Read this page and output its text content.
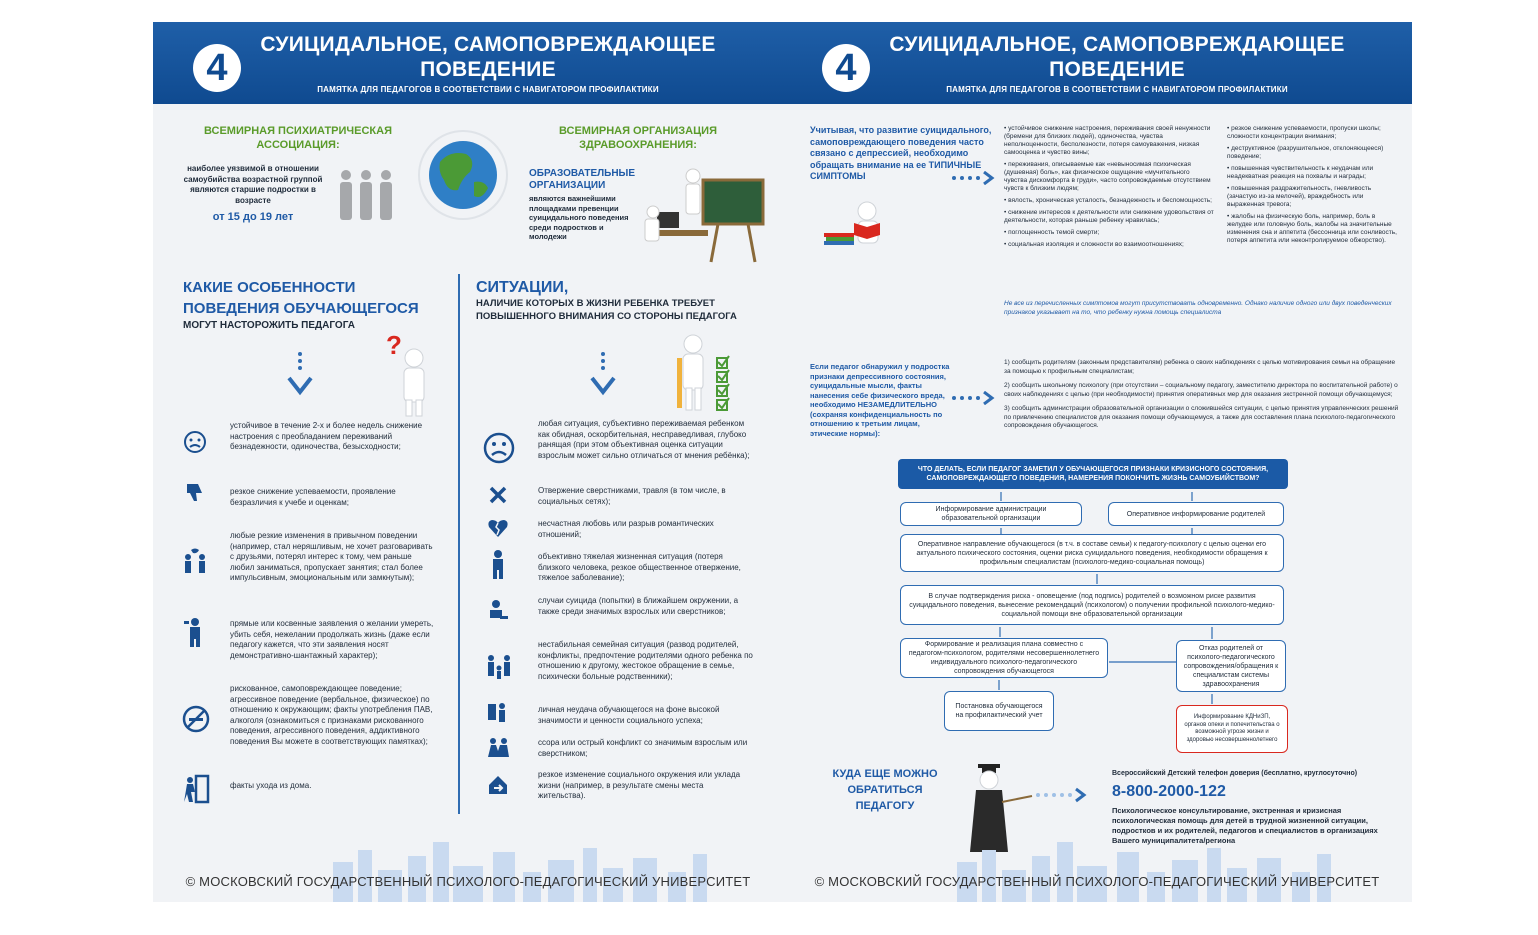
4
СУИЦИДАЛЬНОЕ, САМОПОВРЕЖДАЮЩЕЕ ПОВЕДЕНИЕ
ПАМЯТКА ДЛЯ ПЕДАГОГОВ В СООТВЕТСТВИИ С НАВИГАТОРОМ ПРОФИЛАКТИКИ
ВСЕМИРНАЯ ПСИХИАТРИЧЕСКАЯ АССОЦИАЦИЯ:
наиболее уязвимой в отношении самоубийства возрастной группой являются старшие подростки в возрасте
от 15 до 19 лет
ВСЕМИРНАЯ ОРГАНИЗАЦИЯ ЗДРАВООХРАНЕНИЯ:
ОБРАЗОВАТЕЛЬНЫЕ ОРГАНИЗАЦИИ
являются важнейшими площадками превенции суицидального поведения среди подростков и молодежи
КАКИЕ ОСОБЕННОСТИ ПОВЕДЕНИЯ ОБУЧАЮЩЕГОСЯ
МОГУТ НАСТОРОЖИТЬ ПЕДАГОГА
?
устойчивое в течение 2-х и более недель снижение настроения с преобладанием переживаний безнадежности, одиночества, безысходности;
резкое снижение успеваемости, проявление безразличия к учебе и оценкам;
любые резкие изменения в привычном поведении (например, стал неряшливым, не хочет разговаривать с друзьями, потерял интерес к тому, чем раньше любил заниматься, пропускает занятия; стал более импульсивным, эмоциональным или замкнутым);
прямые или косвенные заявления о желании умереть, убить себя, нежелании продолжать жизнь (даже если педагогу кажется, что эти заявления носят демонстративно-шантажный характер);
рискованное, самоповреждающее поведение; агрессивное поведение (вербальное, физическое) по отношению к окружающим; факты употребления ПАВ, алкоголя (ознакомиться с признаками рискованного поведения, агрессивного поведения, аддиктивного поведения Вы можете в соответствующих памятках);
факты ухода из дома.
СИТУАЦИИ,
НАЛИЧИЕ КОТОРЫХ В ЖИЗНИ РЕБЕНКА ТРЕБУЕТ ПОВЫШЕННОГО ВНИМАНИЯ СО СТОРОНЫ ПЕДАГОГА
любая ситуация, субъективно переживаемая ребенком как обидная, оскорбительная, несправедливая, глубоко ранящая (при этом объективная оценка ситуации взрослым может сильно отличаться от мнения ребёнка);
Отвержение сверстниками, травля (в том числе, в социальных сетях);
несчастная любовь или разрыв романтических отношений;
объективно тяжелая жизненная ситуация (потеря близкого человека, резкое общественное отвержение, тяжелое заболевание);
случаи суицида (попытки) в ближайшем окружении, а также среди значимых взрослых или сверстников;
нестабильная семейная ситуация (развод родителей, конфликты, предпочтение родителями одного ребенка по отношению к другому, жестокое обращение в семье, психически больные родственники);
личная неудача обучающегося на фоне высокой значимости и ценности социального успеха;
ссора или острый конфликт со значимым взрослым или сверстником;
резкое изменение социального окружения или уклада жизни (например, в результате смены места жительства).
© МОСКОВСКИЙ ГОСУДАРСТВЕННЫЙ ПСИХОЛОГО-ПЕДАГОГИЧЕСКИЙ УНИВЕРСИТЕТ
4
СУИЦИДАЛЬНОЕ, САМОПОВРЕЖДАЮЩЕЕ ПОВЕДЕНИЕ
ПАМЯТКА ДЛЯ ПЕДАГОГОВ В СООТВЕТСТВИИ С НАВИГАТОРОМ ПРОФИЛАКТИКИ
Учитывая, что развитие суицидального, самоповреждающего поведения часто связано с депрессией, необходимо обращать внимание на ее ТИПИЧНЫЕ СИМПТОМЫ
• устойчивое снижение настроения, переживания своей ненужности (бремени для близких людей), одиночества, чувства неполноценности, бесполезности, потеря самоуважения, низкая самооценка и чувство вины;
• переживания, описываемые как «невыносимая психическая (душевная) боль», как физическое ощущение «мучительного чувства дискомфорта в груди», часто сопровождаемые отсутствием чувств к близким людям;
• вялость, хроническая усталость, безнадежность и беспомощность;
• снижение интересов к деятельности или снижение удовольствия от деятельности, которая раньше ребенку нравилась;
• поглощенность темой смерти;
• социальная изоляция и сложности во взаимоотношениях;
• резкое снижение успеваемости, пропуски школы; сложности концентрации внимания;
• деструктивное (разрушительное, отклоняющееся) поведение;
• повышенная чувствительность к неудачам или неадекватная реакция на похвалы и награды;
• повышенная раздражительность, гневливость (зачастую из-за мелочей), враждебность или выраженная тревога;
• жалобы на физическую боль, например, боль в желудке или головную боль, жалобы на значительные изменения сна и аппетита (бессонница или сонливость, потеря аппетита или неконтролируемое обжорство).
Не все из перечисленных симптомов могут присутствовать одновременно. Однако наличие одного или двух поведенческих признаков указывает на то, что ребенку нужна помощь специалиста
Если педагог обнаружил у подростка признаки депрессивного состояния, суицидальные мысли, факты нанесения себе физического вреда, необходимо НЕЗАМЕДЛИТЕЛЬНО (сохраняя конфиденциальность по отношению к третьим лицам, этические нормы):
1) сообщить родителям (законным представителям) ребенка о своих наблюдениях с целью мотивирования семьи на обращение за помощью к профильным специалистам;
2) сообщить школьному психологу (при отсутствии – социальному педагогу, заместителю директора по воспитательной работе) о своих наблюдениях с целью (при необходимости) принятия оперативных мер для оказания экстренной помощи обучающемуся;
3) сообщить администрации образовательной организации о сложившейся ситуации, с целью принятия управленческих решений по привлечению специалистов для оказания помощи обучающемуся, а также для составления плана психолого-педагогического сопровождения обучающегося.
ЧТО ДЕЛАТЬ, ЕСЛИ ПЕДАГОГ ЗАМЕТИЛ У ОБУЧАЮЩЕГОСЯ ПРИЗНАКИ КРИЗИСНОГО СОСТОЯНИЯ, САМОПОВРЕЖДАЮЩЕГО ПОВЕДЕНИЯ, НАМЕРЕНИЯ ПОКОНЧИТЬ ЖИЗНЬ САМОУБИЙСТВОМ?
Информирование администрации образовательной организации
Оперативное информирование родителей
Оперативное направление обучающегося (в т.ч. в составе семьи) к педагогу-психологу с целью оценки его актуального психического состояния, оценки риска суицидального поведения, необходимости обращения к профильным специалистам (психолого-медико-социальная помощь)
В случае подтверждения риска - оповещение (под подпись) родителей о возможном риске развития суицидального поведения, вынесение рекомендаций (психологом) о получении профильной психолого-медико-социальной помощи вне образовательной организации
Формирование и реализация плана совместно с педагогом-психологом, родителями несовершеннолетнего индивидуального психолого-педагогического сопровождения обучающегося
Отказ родителей от психолого-педагогического сопровождения/обращения к специалистам системы здравоохранения
Постановка обучающегося на профилактический учет	Информирование КДНиЗП, органов опеки и попечительства о возможной угрозе жизни и здоровью несовершеннолетнего
КУДА ЕЩЕ МОЖНО ОБРАТИТЬСЯ ПЕДАГОГУ
Всероссийский Детский телефон доверия (бесплатно, круглосуточно)
8-800-2000-122
Психологическое консультирование, экстренная и кризисная психологическая помощь для детей в трудной жизненной ситуации, подростков и их родителей, педагогов и специалистов в организациях Вашего муниципалитета/региона
© МОСКОВСКИЙ ГОСУДАРСТВЕННЫЙ ПСИХОЛОГО-ПЕДАГОГИЧЕСКИЙ УНИВЕРСИТЕТ
